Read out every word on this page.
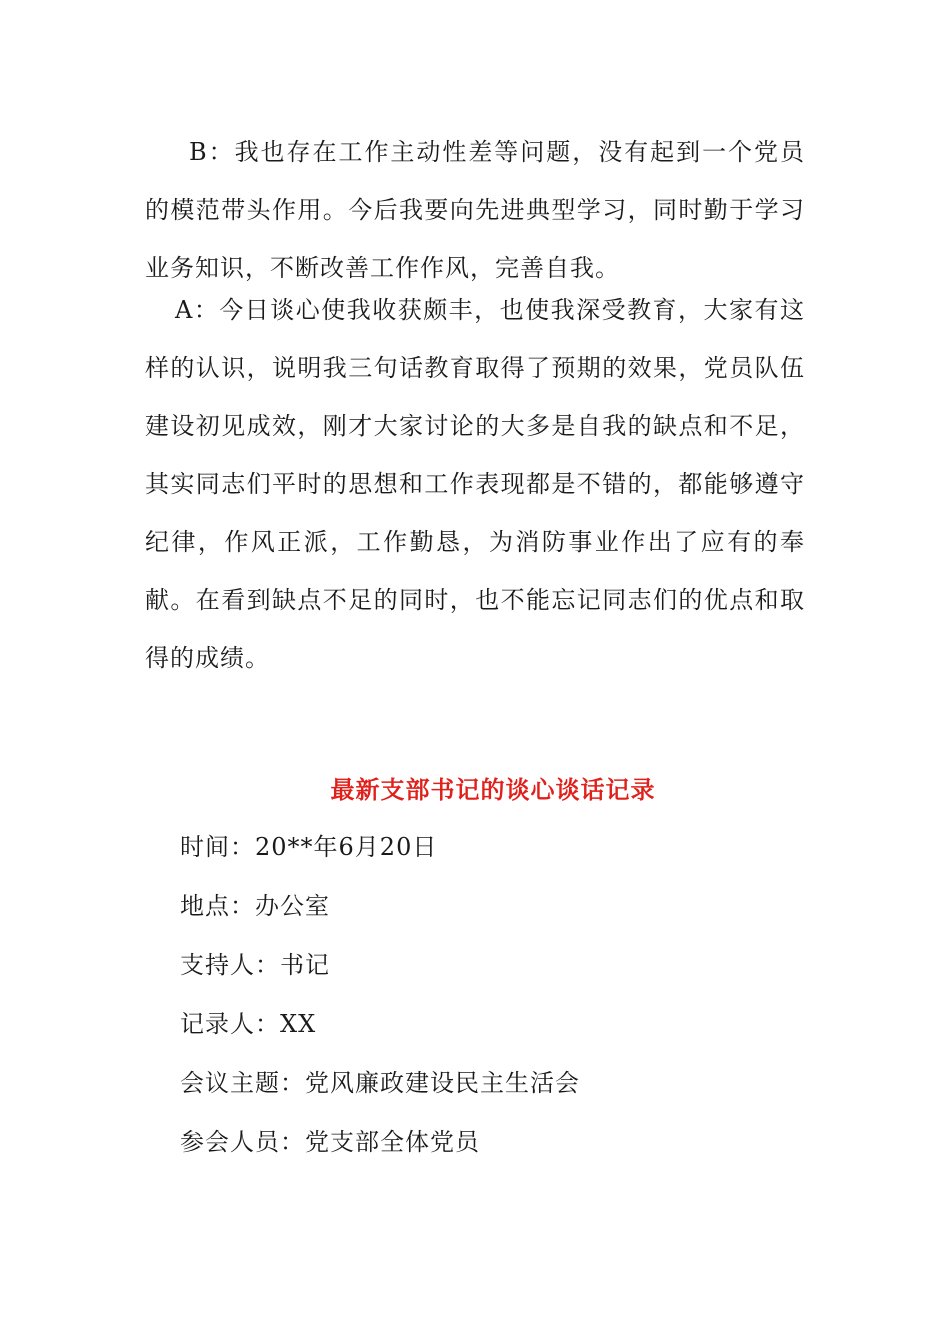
B：我也存在工作主动性差等问题，没有起到一个党员的模范带头作用。今后我要向先进典型学习，同时勤于学习业务知识，不断改善工作作风，完善自我。

A：今日谈心使我收获颇丰，也使我深受教育，大家有这样的认识，说明我三句话教育取得了预期的效果，党员队伍建设初见成效，刚才大家讨论的大多是自我的缺点和不足，其实同志们平时的思想和工作表现都是不错的，都能够遵守纪律，作风正派，工作勤恳，为消防事业作出了应有的奉献。在看到缺点不足的同时，也不能忘记同志们的优点和取得的成绩。

最新支部书记的谈心谈话记录

时间：20**年6月20日

地点：办公室

支持人：书记

记录人：XX

会议主题：党风廉政建设民主生活会

参会人员：党支部全体党员
